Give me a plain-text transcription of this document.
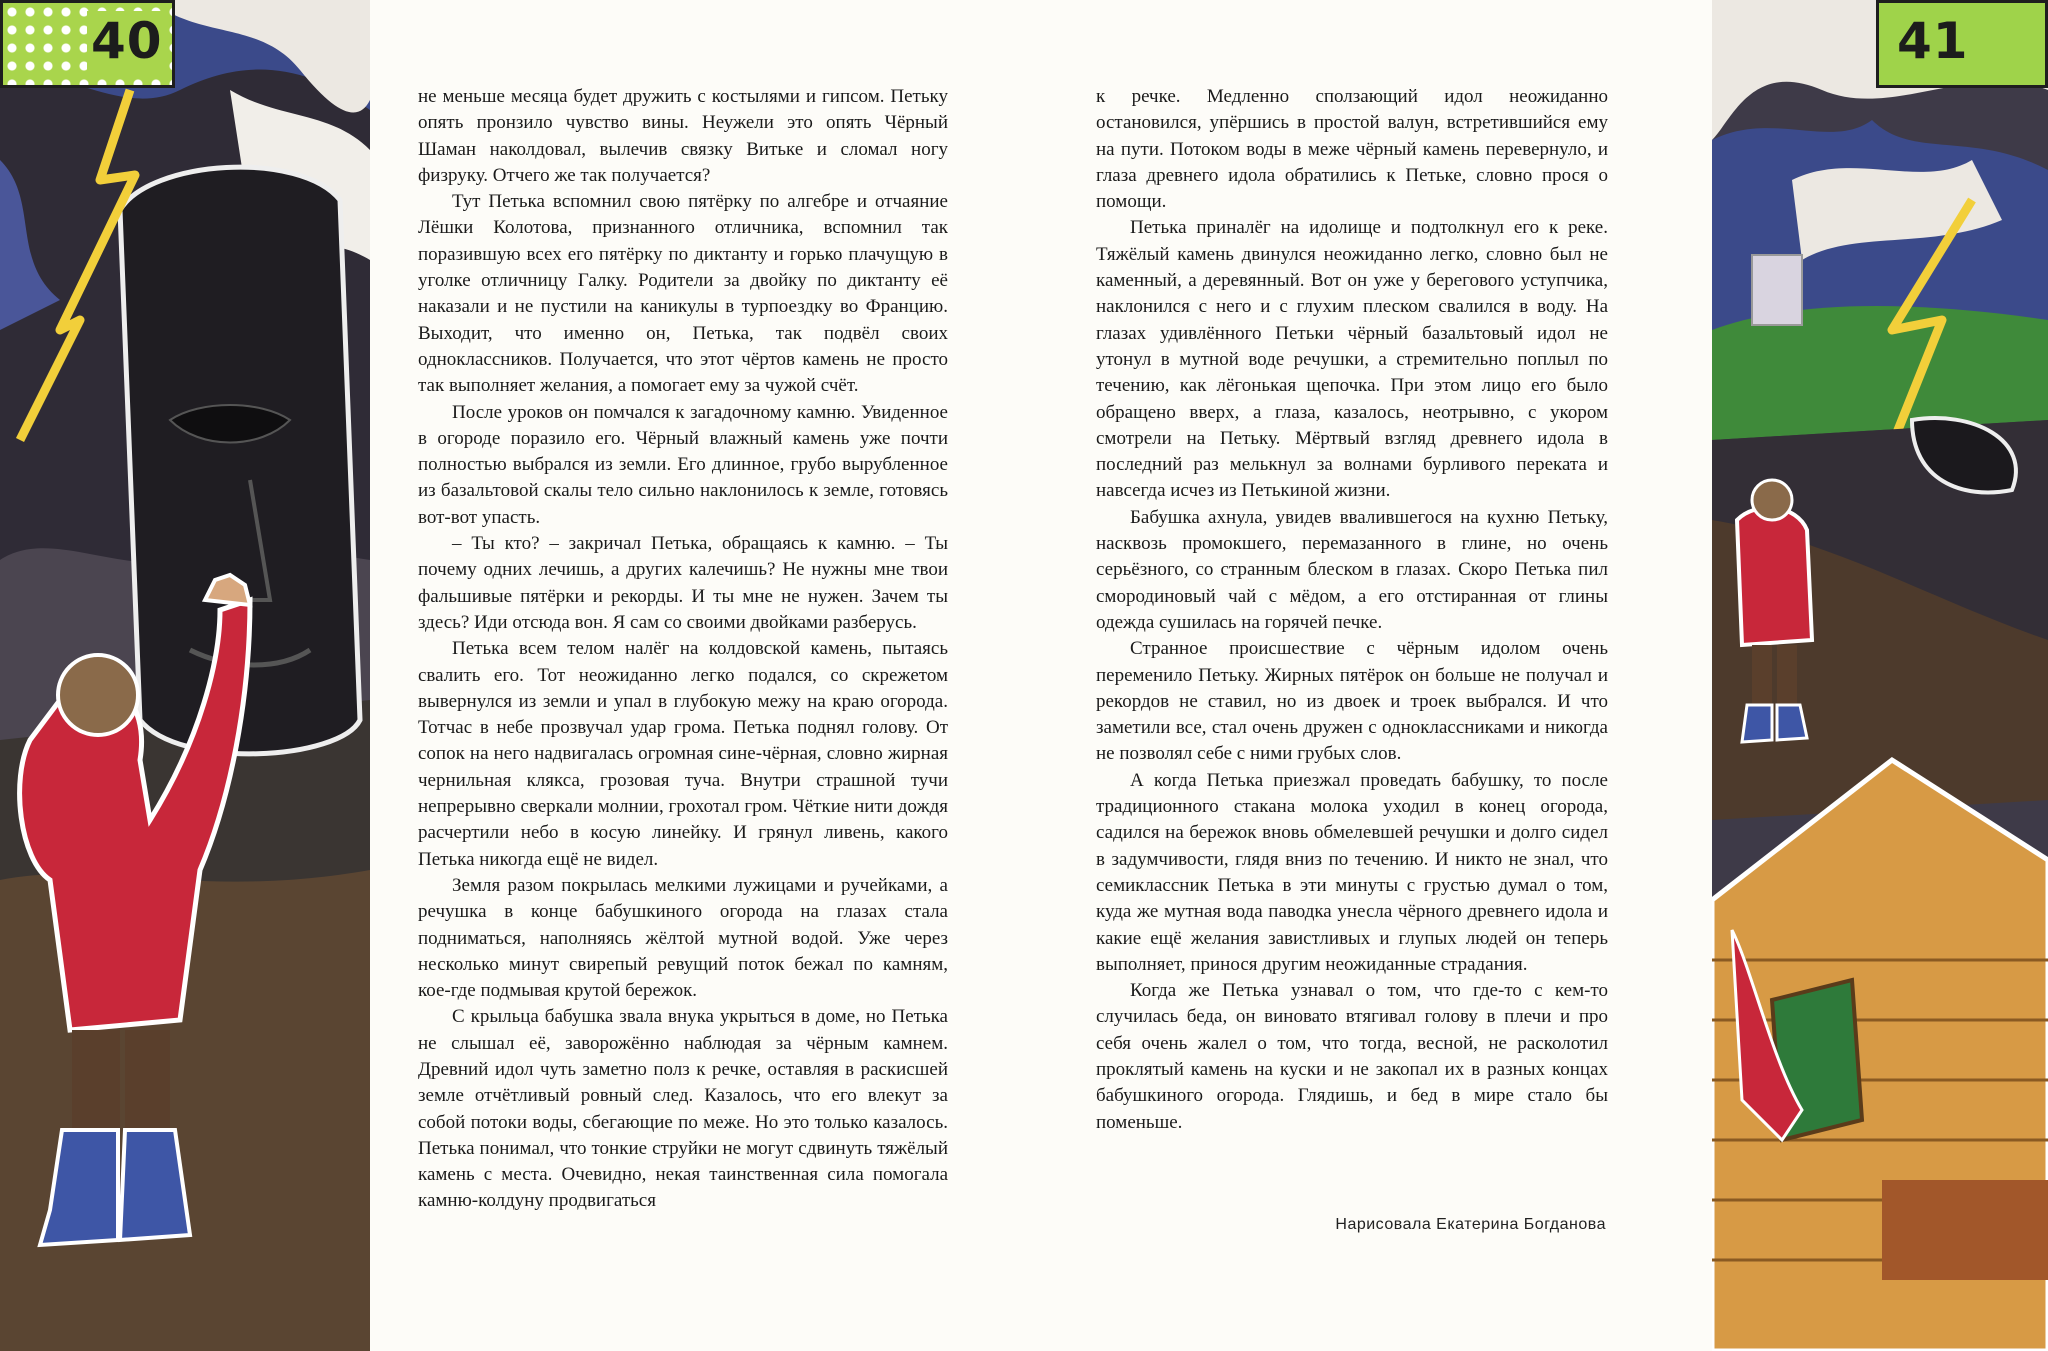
40	41

не меньше месяца будет дружить с костылями и гипсом. Петьку опять пронзило чувство вины. Неужели это опять Чёрный Шаман наколдовал, вылечив связку Витьке и сломал ногу физруку. Отчего же так получается?

Тут Петька вспомнил свою пятёрку по алгебре и отчаяние Лёшки Колотова, признанного отличника, вспомнил так поразившую всех его пятёрку по диктанту и горько плачущую в уголке отличницу Галку. Родители за двойку по диктанту её наказали и не пустили на каникулы в турпоездку во Францию. Выходит, что именно он, Петька, так подвёл своих одноклассников. Получается, что этот чёртов камень не просто так выполняет желания, а помогает ему за чужой счёт.

После уроков он помчался к загадочному камню. Увиденное в огороде поразило его. Чёрный влажный камень уже почти полностью выбрался из земли. Его длинное, грубо вырубленное из базальтовой скалы тело сильно наклонилось к земле, готовясь вот-вот упасть.

– Ты кто? – закричал Петька, обращаясь к камню. – Ты почему одних лечишь, а других калечишь? Не нужны мне твои фальшивые пятёрки и рекорды. И ты мне не нужен. Зачем ты здесь? Иди отсюда вон. Я сам со своими двойками разберусь.

Петька всем телом налёг на колдовской камень, пытаясь свалить его. Тот неожиданно легко подался, со скрежетом вывернулся из земли и упал в глубокую межу на краю огорода. Тотчас в небе прозвучал удар грома. Петька поднял голову. От сопок на него надвигалась огромная сине-чёрная, словно жирная чернильная клякса, грозовая туча. Внутри страшной тучи непрерывно сверкали молнии, грохотал гром. Чёткие нити дождя расчертили небо в косую линейку. И грянул ливень, какого Петька никогда ещё не видел.

Земля разом покрылась мелкими лужицами и ручейками, а речушка в конце бабушкиного огорода на глазах стала подниматься, наполняясь жёлтой мутной водой. Уже через несколько минут свирепый ревущий поток бежал по камням, кое-где подмывая крутой бережок.

С крыльца бабушка звала внука укрыться в доме, но Петька не слышал её, заворожённо наблюдая за чёрным камнем. Древний идол чуть заметно полз к речке, оставляя в раскисшей земле отчётливый ровный след. Казалось, что его влекут за собой потоки воды, сбегающие по меже. Но это только казалось. Петька понимал, что тонкие струйки не могут сдвинуть тяжёлый камень с места. Очевидно, некая таинственная сила помогала камню-колдуну продвигаться

к речке. Медленно сползающий идол неожиданно остановился, упёршись в простой валун, встретившийся ему на пути. Потоком воды в меже чёрный камень перевернуло, и глаза древнего идола обратились к Петьке, словно прося о помощи.

Петька приналёг на идолище и подтолкнул его к реке. Тяжёлый камень двинулся неожиданно легко, словно был не каменный, а деревянный. Вот он уже у берегового уступчика, наклонился с него и с глухим плеском свалился в воду. На глазах удивлённого Петьки чёрный базальтовый идол не утонул в мутной воде речушки, а стремительно поплыл по течению, как лёгонькая щепочка. При этом лицо его было обращено вверх, а глаза, казалось, неотрывно, с укором смотрели на Петьку. Мёртвый взгляд древнего идола в последний раз мелькнул за волнами бурливого переката и навсегда исчез из Петькиной жизни.

Бабушка ахнула, увидев ввалившегося на кухню Петьку, насквозь промокшего, перемазанного в глине, но очень серьёзного, со странным блеском в глазах. Скоро Петька пил смородиновый чай с мёдом, а его отстиранная от глины одежда сушилась на горячей печке.

Странное происшествие с чёрным идолом очень переменило Петьку. Жирных пятёрок он больше не получал и рекордов не ставил, но из двоек и троек выбрался. И что заметили все, стал очень дружен с одноклассниками и никогда не позволял себе с ними грубых слов.

А когда Петька приезжал проведать бабушку, то после традиционного стакана молока уходил в конец огорода, садился на бережок вновь обмелевшей речушки и долго сидел в задумчивости, глядя вниз по течению. И никто не знал, что семиклассник Петька в эти минуты с грустью думал о том, куда же мутная вода паводка унесла чёрного древнего идола и какие ещё желания завистливых и глупых людей он теперь выполняет, принося другим неожиданные страдания.

Когда же Петька узнавал о том, что где-то с кем-то случилась беда, он виновато втягивал голову в плечи и про себя очень жалел о том, что тогда, весной, не расколотил проклятый камень на куски и не закопал их в разных концах бабушкиного огорода. Глядишь, и бед в мире стало бы поменьше.

Нарисовала Екатерина Богданова
